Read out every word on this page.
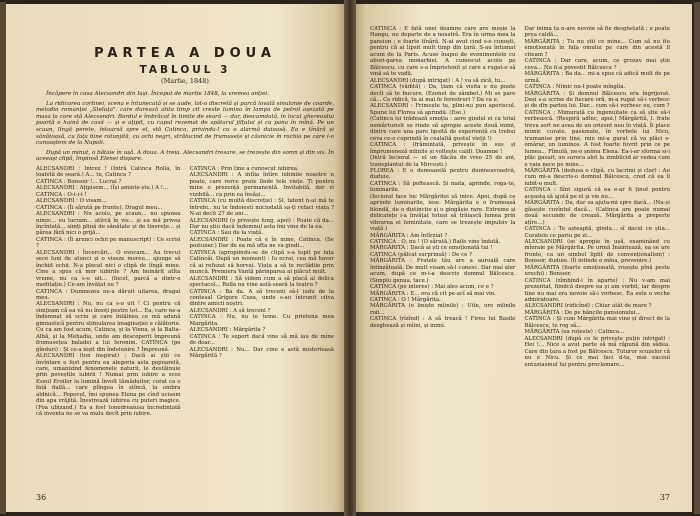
PARTEA A DOUA
TABLOUL 3
(Martie, 1848)

Încăpere în casa Alecsandri din Iași. Început de martie 1848, la vremea anției.

La ridicarea cortinei, scena e întunecată și se aude, lot-o discretă și parcă lovală sinulonie de coarde, melodia romanței „Steluța". care durează atita timp cit creste lumina în lampa de petrol așezată pe masa la care stă Alecsandri. Bordul e îmbrăcat în timite de seară — dar, descamdată, în locul ghereoului poartă o haină de casă — și e ațipit, cu capul rezemat de spătarul jilțului și cu pana în mînă. Pe un scaun, lîngă perete, întoarsă spre el, stă Catinca, privindu-l cu o alarmă duioasă. Ea e tînără și sănătoasă, cu fața bine rotunjită, cu ochi negri, strălucind de frumusețe și căsnicie în rochia pe care i-o cunoaștem de la Napoli.

După un minut, o bătaie în ușă. A doua. A treia. Alecsandri tresare, se trezește din somn și din vis. În aceeași clipă, împinsă Elenei dispare.

ALECSANDRI : Intrez ! (Intră Catinca Rolla, în toaletă de seară.) A... tu, Catinca ?

CATINCA : Bonsoir !... Lucrai ?

ALECSANDRI : Ațipisem... (Își aminte-ște.) A !...

CATINCA : O-i-i-i !

ALECSANDRI : O visam...

CATINCA : (Îi sărută pe frunte). Dragul meu...

ALECSANDRI : Nu acolo, pe scaun... nu spunea nimic... eu lucram... atîrcă în vis... și ea mă privea încîntată... simți plină de sănătate și de tinerețe... și părea fără nici o grijă...

CATINCA : (Îi arunci ochii pe manuscript) : Ce scrisi ?

ALECSANDRI : Încercări... O evocam... Au trecut sece luni de atunci și o viseze mereu... ajunge să închid ochii. N-a plecat nici o clipă de lîngă mine. Cine a spus că mor iubirile ? Am hoinărit atîta vreme, nu ca s-o uit... (Incet, parcă a dintr-o meditație.) Ce-am învățat eu ?

CATINCA : Dumnezeu ne-a dăruit uitarea, dragul meu.

ALECSANDRI : Nu, nu ca s-o uit ! Ci pentru că simțeam că ea vă nu însoți pestre tot... Ea, care ne-a îndemnat să scriu și care întâlnea ce mă adună ginnastică pentru stimularea imaginației e călătorie. Cu ca am fost acum, Catinca, și la Viena, și la Balta-Albă, și la Mehadia, unde am descoperit împreună frumusețea baladei a lui Ieronim. CATINCA (pe gînduri) : Și ce-a ieșit din îndeiunire ? Împreună.

ALECSANDRI (ton inspirat) : Dacă ai știi ce învîntare e fost pentru ea alegoria asta popoarelă, care, umanizînd fenomenele naturii, le destăinuie prin poveștile iubirii ! Numai prin iubire a scos Eseul Eroilor la lumină învolt tămăduitor, curat ca o față dallă... care plîngea în stîncă, la umbra aldnică... Popovul, îmi spunea Elena pe cînd ucisem din apa vrăjită. Înestrează iubirea cu puteri magice. (Foa ubizand.) Ea a fost tonedreaiusa încredințată că inventa ne se va mulu decît prin iubire.

CATINCA : Prin tine a cunoscut iubirea.

ALECSANDRI : A intîia întîre iubinile noastre n poate, care rerce prate lînde tele viețe. Ți pentru mine o prezență permanentă. Invitabilă, dar vi vizibilă... ca prin ea însăși...

CATINCA (cu multă discreție) : Și, tatent n-ai mă te întrebi.. nu te îndoiesti miciodată sa-ți refaci viața ? N-ai decît 27 de ani...

ALECSANDRI (o privește lung, apoi) : Poate că da... Dar nu știu dacă îndemnul asta îmi vine de la ea.

CATINCA : Sau de la viață.

ALECSANDRI : Poate că e în mine, Catinca. (Se poziuner.) Dar de ea mă ofta ne va gindi...

CATINCA (apropiindu-se de clipă s-a topit pe fața Catincăi. După un moment) : Iu ecrai, cea mă haver că ai refuzat să horvai. Viața a să te reclădiie prin muncă. Premiera Vantă părinparea ai plăcut mult.

ALECSANDRI : Să videm cum a să placă al dolica spectacol... Rolla nu vine astă-seară la teatru ?

CATINCA : Ba da. A să treceni să-l iudu de la contesal Grigore Cuza, unde s-au întrunit citva dintre amicii noștri.

ALECSANDRI : A să treceni ?

CATINCA : Nu, nu te teme. Cu prietena mea Margărita.

ALECSANDRI : Mărgărita ?

CATINCA : Te suport dacă vine să mă iau de mine de doar...

ALECSANDRI : Nu... Dar cine e astă misterioasă Mărgărită ?

36

CATINCA : E fată unei doamne care are moșie la Hangu, nu departe de a noastră. Era în urma mea la pansion ; e foarte tînără. N-ai avut cind s-o cunoști, pentru că ai lipsit mult timp din țară. S-au întumat acum de la Paris. Acuse înapoi de evenimentele cu aburi-garea monarhiei. A cunoscut acolo pe Bălcescu, cu care s-a împrietenit și care a rugat-o să vină să te vadă.

ALECSANDRI (după intrigat) : A ! va să zică, tu...

CATINCA (vădită) : Da, țiam că visita e nu poate decît să te bucure. (Ezonet de zâmbet.) Mi se pare că... Ce ridică, tu ai mai fe ferestruri ? Da ca e.

ALECSANDRI : Frimește tu, plini-nu pun aperiscul. Spune lui Florea să aprindă. (Ese.)

(Catinca iși trădează emoția : aere gindul ei ca total nemărturisit se rinde să apropie aceste două inimi, dintre care una pare lipsită de experiență cu trebui ceva ce-o cuprindă în cealaltă gustul vieții !)

CATINCA : (frămintată, privește în sus și împrumeneză mlinile și voltește cald). Doamne !

(Intră Iecioral — el un flăcău de vreo 25 de ani, transplantat de la Mircești.)

FLOREA : E o demoazelă pentru dumneavoastră, duduie.

CATINCA : Să poftească. Și mata, aprinde, roga-te, luminarile.

(Iecioral face loc Mărgăritei să intre. Apoi, după ce aprinde luminarile, iese. Mărgărita e o frumoasă blondă, de o distincție și o gingășie rare. Extreme și delicatețe i-a învățat totuși să trăiască lumea prin vibrarea ei feminitate, care se trezește impulsiv la viață.)

MĂRGĂRITA : Am întîrziat ?

CATINCA : O, nu ! (O sărută.) Baile vine îndată.

MĂRGĂRITA : Dacă ai ști ce emoționată tui !

CATINCA (pălcat surprinsă) : De ce ?

MĂRGĂRITA : Fratele tău are a auroală care întinzătoală. De mult visam să-l cunosc. Dar mai aler acum, după ce m-i-a descris domnul Bălcescu. (Simplu genua, tace.)

CATINCA (pe interes) : Mai ales acum, ce e ?

MĂRGĂRITA : E... era că cit pe-acî să mai vin.

CATINCA : O ! Mărgărita.

MĂRGĂRITA (o liniște mlinile) : Uite, ure mlinile roii...

CATINCA (rîzînd) : A să treacă ! Fireu lui Basile desghează și mîini, și inimi.

Dar inima ta n-are nevoie să fie desghețată ; e poate prea caldă...

MĂRGĂRITA : Tu nu știi ce mine... Cum să nu fiu emoționată în fața omului pe care din acestă ll citeam ?

CATINCA : Dar care, acum, ce grozav mai știe ceva... Nu fi-a povestit Bălcescu ?

MĂRGĂRITA : Ba da... mi-a spus că adică mult de pe urmă.

CATINCA : Nimic nu-l poate mîngîia.

MĂRGĂRITA : Și domnul Bălcescu era îngrijorat. Deși s-a scrise de fiecare oră, m-a rugat să-i verbesc și de dîn partea lui. Dar... cum să-i vorbesc eu, cum ?

CATINCA : Mimurată cu ingenuitate ca să știe să-i verbească. (Respiră adînc, apoi.) Mărgărită, l. frate treva sort ne avea de un orizont nou în viață. Îi place mimic curate, pasionate, în vorbele lui Nicu, trumanise prin tine, mie mi-a gurat că va plăci s-omărar, un luminos. A fost foarte fovrit prin ce pe lumea... Fîmulă, ne-o șnimu Elena. Ea-i-ar sforma si-i plăc gasuit, un suroca alot la zimblicid ar vedea cum e vaia nece pe mine...

MĂRGĂRITA (dedusa o clipă, cu lacrimi și clar) : Au cum mi-a descris-o domnul Bălcescu, cred că ea îl iubit-o mult.

CATINCA : Sînt sigură că ea e-ar fi ținut pentru aceasta să ajută pe el și vie nu...

MĂRGĂRITA : Da, dar sa ajuta-mi spre dacă... (Nu-și găsește cuvîntul dacă... (Catinca are poate numai două secunde de crează. Mărgărita a preperte ațîre...)

CATINCA : Te așteaptă, gindu... sî dacul ce știa... Curatele ce pariu pe zi...

ALECSANDRI (se apropie în ușă, examinând cu mîeraie pe Mărgărita. Pe urmă Înaintează, ea se are fronte, ca un simbol liplit de convenționalism) : Bonsoir, duduie. (Îi intinde o mîna, prevenire.)

MĂRGĂRITA (foarte emoționată, roșește pînă peste urechi) : Bonsoir.

CATINCA (zîmbind-i în aparte) : Nu v-am mai prezentat, fiindcă despre ea și am vorbit, iar despre tine nu mai era nevoie să-i vorbesc. Ea este o veche admiratoare.

ALECSANDRI (ridicînd) : Chiar atât de mare ?

MĂRGĂRITA : De pe băncile pansionului...

CATINCA : Și cum Mărgărita mai vine și direct de la Bălcescu, te rog să...

MĂRGĂRITA (ea roțeste) : Catinca...

ALECSANDRI (după ce le privește puțin intrigat) : Hei !... Nice a avut parte să mă răpună din sădea. Care din țara a fost pe Bălcescu. Tuturor scuzelor că nu e Nicu. Și ce mai faci d-ta, mai eacoul entuziasmul lui pentru proclamare...

37
